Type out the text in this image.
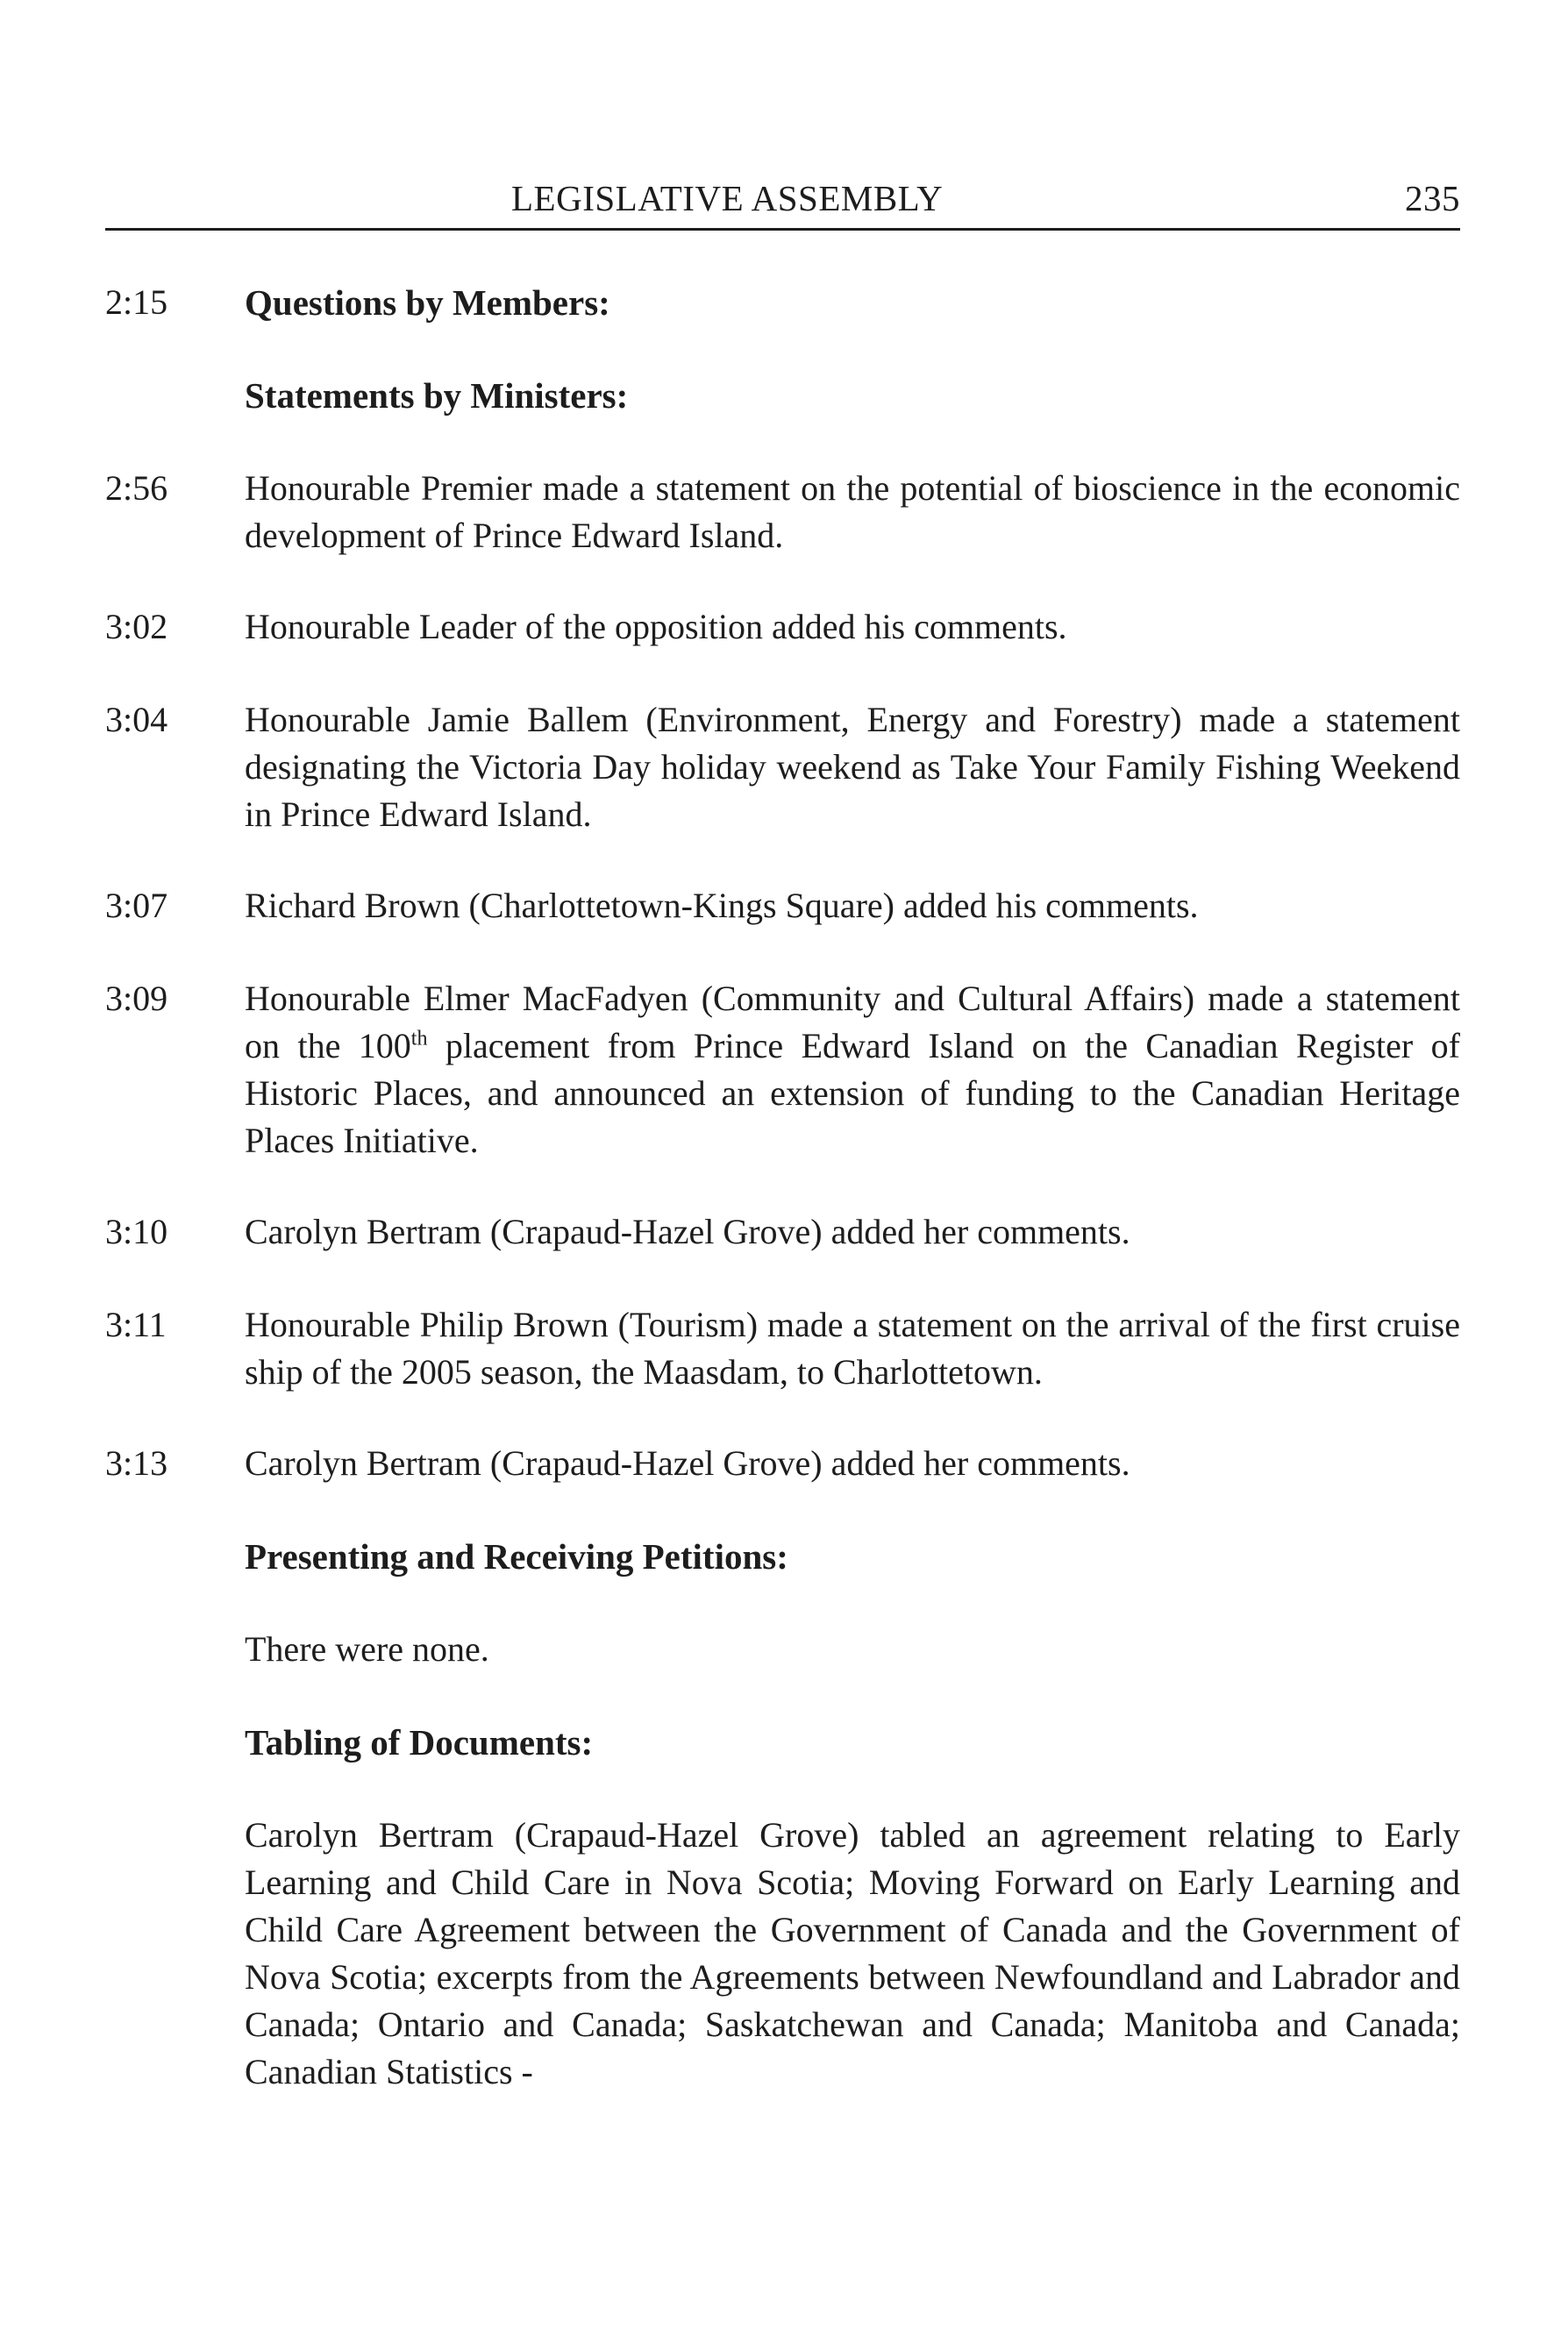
LEGISLATIVE ASSEMBLY	235
2:15	Questions by Members:

Statements by Ministers:

2:56	Honourable Premier made a statement on the potential of bioscience in the economic development of Prince Edward Island.

3:02	Honourable Leader of the opposition added his comments.

3:04	Honourable Jamie Ballem (Environment, Energy and Forestry) made a statement designating the Victoria Day holiday weekend as Take Your Family Fishing Weekend in Prince Edward Island.

3:07	Richard Brown (Charlottetown-Kings Square) added his comments.

3:09	Honourable Elmer MacFadyen (Community and Cultural Affairs) made a statement on the 100th placement from Prince Edward Island on the Canadian Register of Historic Places, and announced an extension of funding to the Canadian Heritage Places Initiative.

3:10	Carolyn Bertram (Crapaud-Hazel Grove) added her comments.

3:11	Honourable Philip Brown (Tourism) made a statement on the arrival of the first cruise ship of the 2005 season, the Maasdam, to Charlottetown.

3:13	Carolyn Bertram (Crapaud-Hazel Grove) added her comments.

Presenting and Receiving Petitions:

There were none.

Tabling of Documents:

Carolyn Bertram (Crapaud-Hazel Grove) tabled an agreement relating to Early Learning and Child Care in Nova Scotia; Moving Forward on Early Learning and Child Care Agreement between the Government of Canada and the Government of Nova Scotia; excerpts from the Agreements between Newfoundland and Labrador and Canada; Ontario and Canada; Saskatchewan and Canada; Manitoba and Canada; Canadian Statistics -
